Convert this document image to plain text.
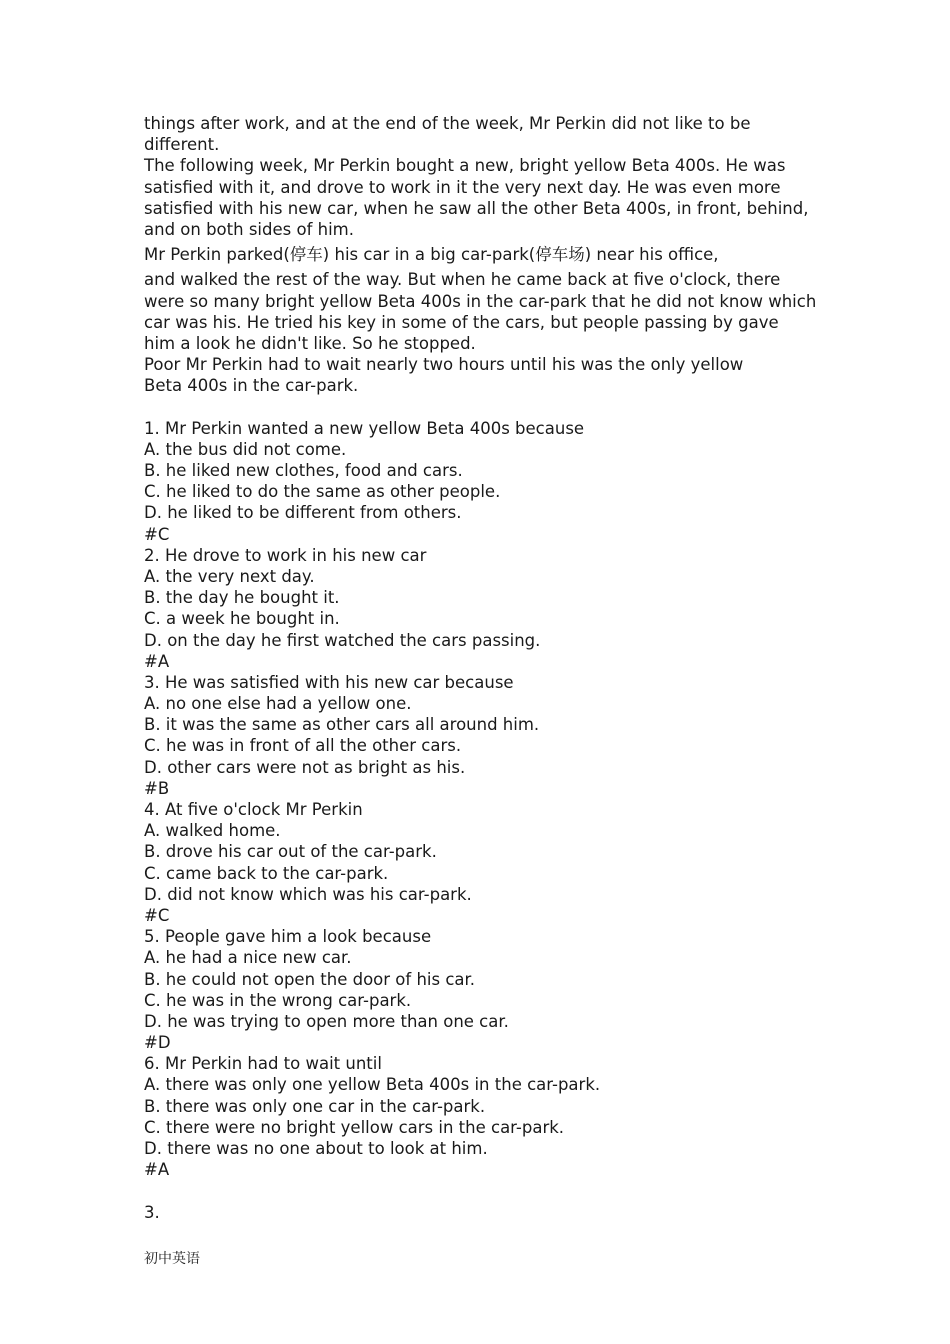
things after work, and at the end of the week, Mr Perkin did not like to be
different.
The following week, Mr Perkin bought a new, bright yellow Beta 400s. He was
satisfied with it, and drove to work in it the very next day. He was even more
satisfied with his new car, when he saw all the other Beta 400s, in front, behind,
and on both sides of him.
Mr Perkin parked(停车) his car in a big car-park(停车场) near his office,
and walked the rest of the way. But when he came back at five o'clock, there
were so many bright yellow Beta 400s in the car-park that he did not know which
car was his. He tried his key in some of the cars, but people passing by gave
him a look he didn't like. So he stopped.
Poor Mr Perkin had to wait nearly two hours until his was the only yellow
Beta 400s in the car-park.
1. Mr Perkin wanted a new yellow Beta 400s because
A. the bus did not come.
B. he liked new clothes, food and cars.
C. he liked to do the same as other people.
D. he liked to be different from others.
#C
2. He drove to work in his new car
A. the very next day.
B. the day he bought it.
C. a week he bought in.
D. on the day he first watched the cars passing.
#A
3. He was satisfied with his new car because
A. no one else had a yellow one.
B. it was the same as other cars all around him.
C. he was in front of all the other cars.
D. other cars were not as bright as his.
#B
4. At five o'clock Mr Perkin
A. walked home.
B. drove his car out of the car-park.
C. came back to the car-park.
D. did not know which was his car-park.
#C
5. People gave him a look because
A. he had a nice new car.
B. he could not open the door of his car.
C. he was in the wrong car-park.
D. he was trying to open more than one car.
#D
6. Mr Perkin had to wait until
A. there was only one yellow Beta 400s in the car-park.
B. there was only one car in the car-park.
C. there were no bright yellow cars in the car-park.
D. there was no one about to look at him.
#A
3.
初中英语
